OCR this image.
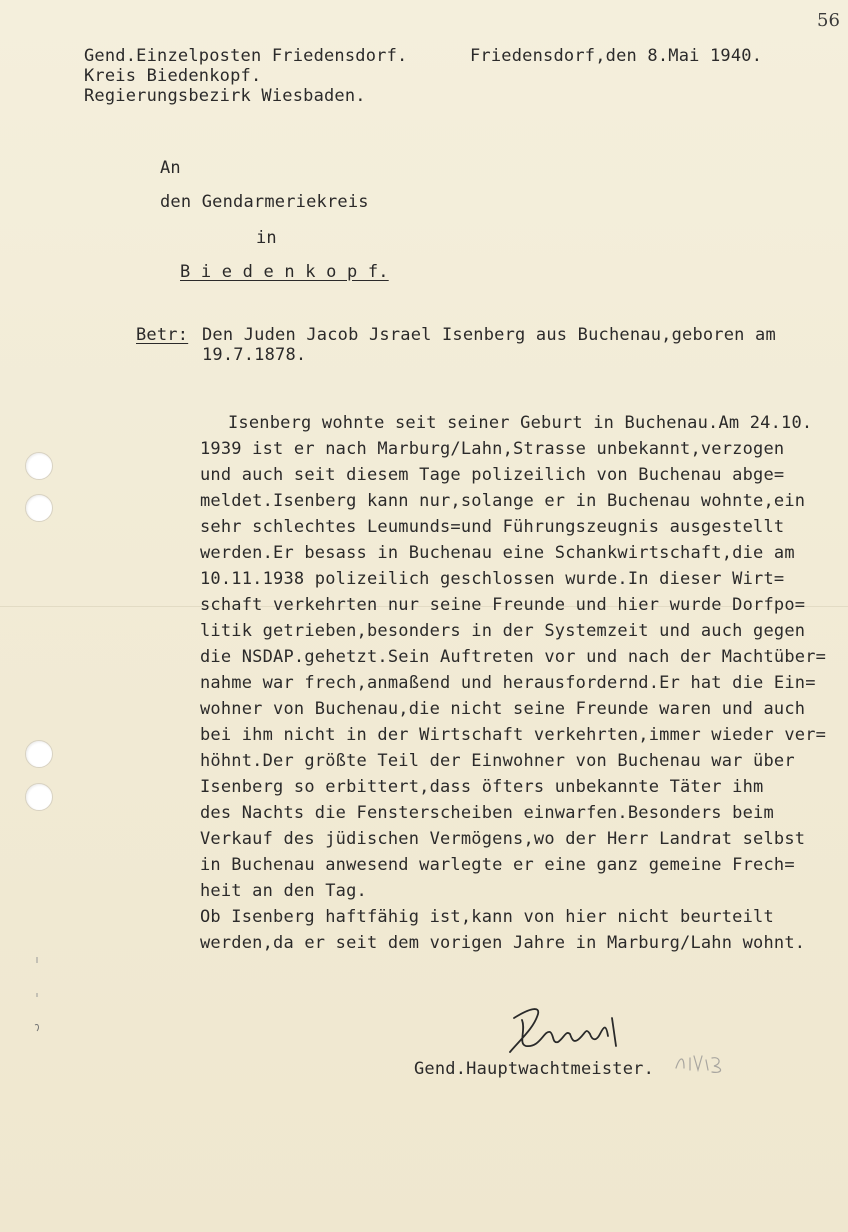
56
Gend.Einzelposten Friedensdorf.
Kreis Biedenkopf.
Regierungsbezirk Wiesbaden.
Friedensdorf,den 8.Mai 1940.
An
den Gendarmeriekreis
in
B i e d e n k o p f.
Betr: Den Juden Jacob Jsrael Isenberg aus Buchenau,geboren am
19.7.1878.
Isenberg wohnte seit seiner Geburt in Buchenau.Am 24.10.
1939 ist er nach Marburg/Lahn,Strasse unbekannt,verzogen
und auch seit diesem Tage polizeilich von Buchenau abge=
meldet.Isenberg kann nur,solange er in Buchenau wohnte,ein
sehr schlechtes Leumunds=und Führungszeugnis ausgestellt
werden.Er besass in Buchenau eine Schankwirtschaft,die am
10.11.1938 polizeilich geschlossen wurde.In dieser Wirt=
schaft verkehrten nur seine Freunde und hier wurde Dorfpo=
litik getrieben,besonders in der Systemzeit und auch gegen
die NSDAP.gehetzt.Sein Auftreten vor und nach der Machtüber=
nahme war frech,anmaßend und herausfordernd.Er hat die Ein=
wohner von Buchenau,die nicht seine Freunde waren und auch
bei ihm nicht in der Wirtschaft verkehrten,immer wieder ver=
höhnt.Der größte Teil der Einwohner von Buchenau war über
Isenberg so erbittert,dass öfters unbekannte Täter ihm
des Nachts die Fensterscheiben einwarfen.Besonders beim
Verkauf des jüdischen Vermögens,wo der Herr Landrat selbst
in Buchenau anwesend warlegte er eine ganz gemeine Frech=
heit an den Tag.
Ob Isenberg haftfähig ist,kann von hier nicht beurteilt
werden,da er seit dem vorigen Jahre in Marburg/Lahn wohnt.
Gend.Hauptwachtmeister.
